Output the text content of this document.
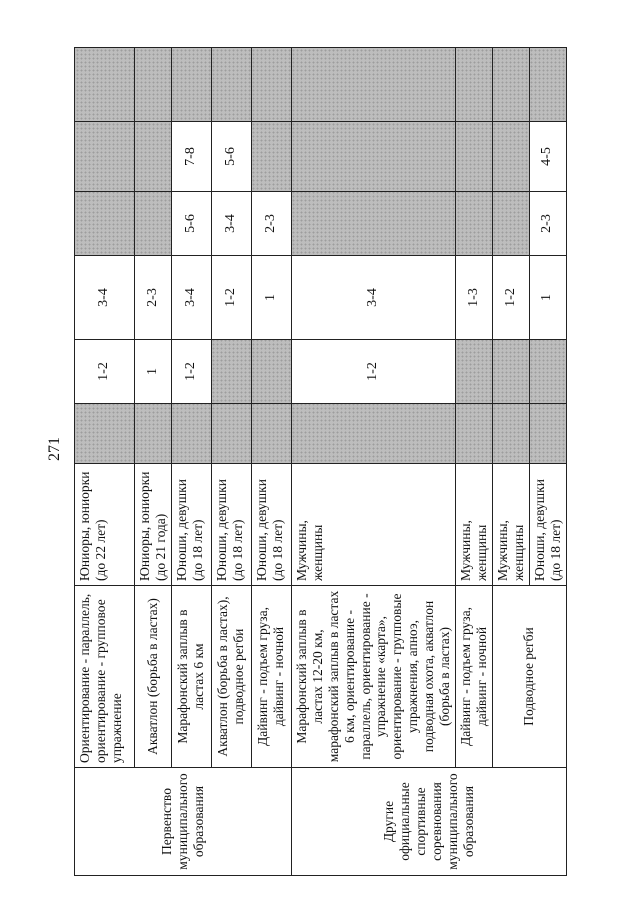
271
Первенство муниципального образования	Ориентирование - параллель, ориентирование - групповое упражнение	Юниоры, юниорки (до 22 лет)		1-2	3-4			
	Акватлон (борьба в ластах)	Юниоры, юниорки (до 21 года)		1	2-3			
	Марафонский заплыв в ластах 6 км	Юноши, девушки (до 18 лет)		1-2	3-4	5-6	7-8	
	Акватлон (борьба в ластах), подводное регби	Юноши, девушки (до 18 лет)			1-2	3-4	5-6	
	Дайвинг - подъем груза, дайвинг - ночной	Юноши, девушки (до 18 лет)			1	2-3		
Другие официальные спортивные соревнования муниципального образования	Марафонский заплыв в ластах 12-20 км, марафонский заплыв в ластах 6 км, ориентирование - параллель, ориентирование - упражнение «карта», ориентирование - групповые упражнения, апноэ, подводная охота, акватлон (борьба в ластах)	Мужчины, женщины		1-2	3-4			
	Дайвинг - подъем груза, дайвинг - ночной	Мужчины, женщины			1-3			
	Подводное регби	Мужчины, женщины			1-2			
		Юноши, девушки (до 18 лет)			1	2-3	4-5	
